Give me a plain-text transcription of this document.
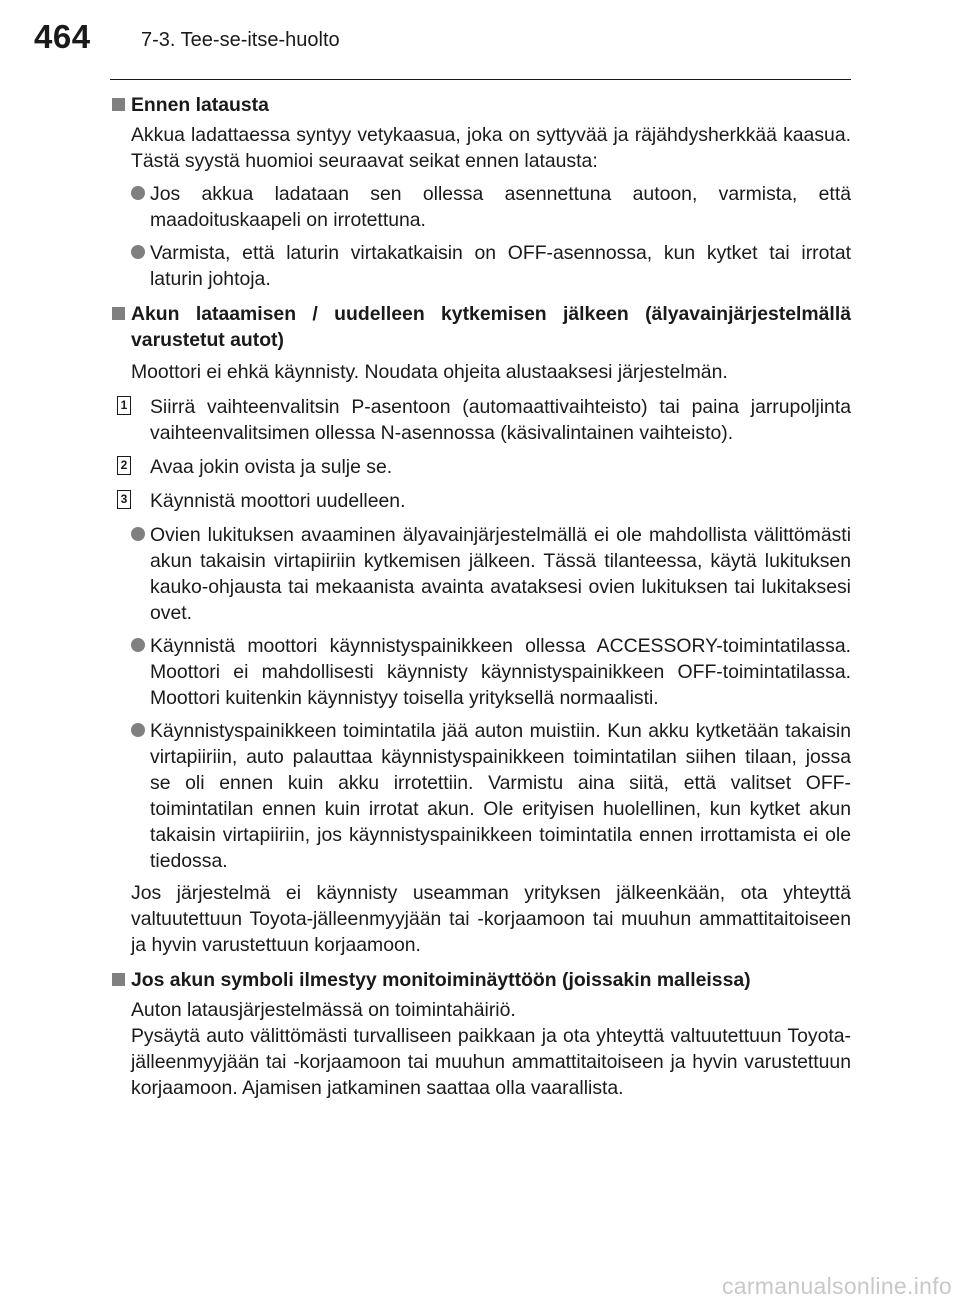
464	7-3. Tee-se-itse-huolto
Ennen latausta
Akkua ladattaessa syntyy vetykaasua, joka on syttyvää ja räjähdysherkkää kaasua. Tästä syystä huomioi seuraavat seikat ennen latausta:
Jos akkua ladataan sen ollessa asennettuna autoon, varmista, että maadoituskaapeli on irrotettuna.
Varmista, että laturin virtakatkaisin on OFF-asennossa, kun kytket tai irrotat laturin johtoja.
Akun lataamisen / uudelleen kytkemisen jälkeen (älyavainjärjestelmällä varustetut autot)
Moottori ei ehkä käynnisty. Noudata ohjeita alustaaksesi järjestelmän.
1 Siirrä vaihteenvalitsin P-asentoon (automaattivaihteisto) tai paina jarrupoljinta vaihteenvalitsimen ollessa N-asennossa (käsivalintainen vaihteisto).
2 Avaa jokin ovista ja sulje se.
3 Käynnistä moottori uudelleen.
Ovien lukituksen avaaminen älyavainjärjestelmällä ei ole mahdollista välittömästi akun takaisin virtapiiriin kytkemisen jälkeen. Tässä tilanteessa, käytä lukituksen kauko-ohjausta tai mekaanista avainta avataksesi ovien lukituksen tai lukitaksesi ovet.
Käynnistä moottori käynnistyspainikkeen ollessa ACCESSORY-toimintatilassa. Moottori ei mahdollisesti käynnisty käynnistyspainikkeen OFF-toimintatilassa. Moottori kuitenkin käynnistyy toisella yrityksellä normaalisti.
Käynnistyspainikkeen toimintatila jää auton muistiin. Kun akku kytketään takaisin virtapiiriin, auto palauttaa käynnistyspainikkeen toimintatilan siihen tilaan, jossa se oli ennen kuin akku irrotettiin. Varmistu aina siitä, että valitset OFF-toimintatilan ennen kuin irrotat akun. Ole erityisen huolellinen, kun kytket akun takaisin virtapiiriin, jos käynnistyspainikkeen toimintatila ennen irrottamista ei ole tiedossa.
Jos järjestelmä ei käynnisty useamman yrityksen jälkeenkään, ota yhteyttä valtuutettuun Toyota-jälleenmyyjään tai -korjaamoon tai muuhun ammattitaitoiseen ja hyvin varustettuun korjaamoon.
Jos akun symboli ilmestyy monitoiminäyttöön (joissakin malleissa)
Auton latausjärjestelmässä on toimintahäiriö.
Pysäytä auto välittömästi turvalliseen paikkaan ja ota yhteyttä valtuutettuun Toyota-jälleenmyyjään tai -korjaamoon tai muuhun ammattitaitoiseen ja hyvin varustettuun korjaamoon. Ajamisen jatkaminen saattaa olla vaarallista.
carmanualsonline.info
